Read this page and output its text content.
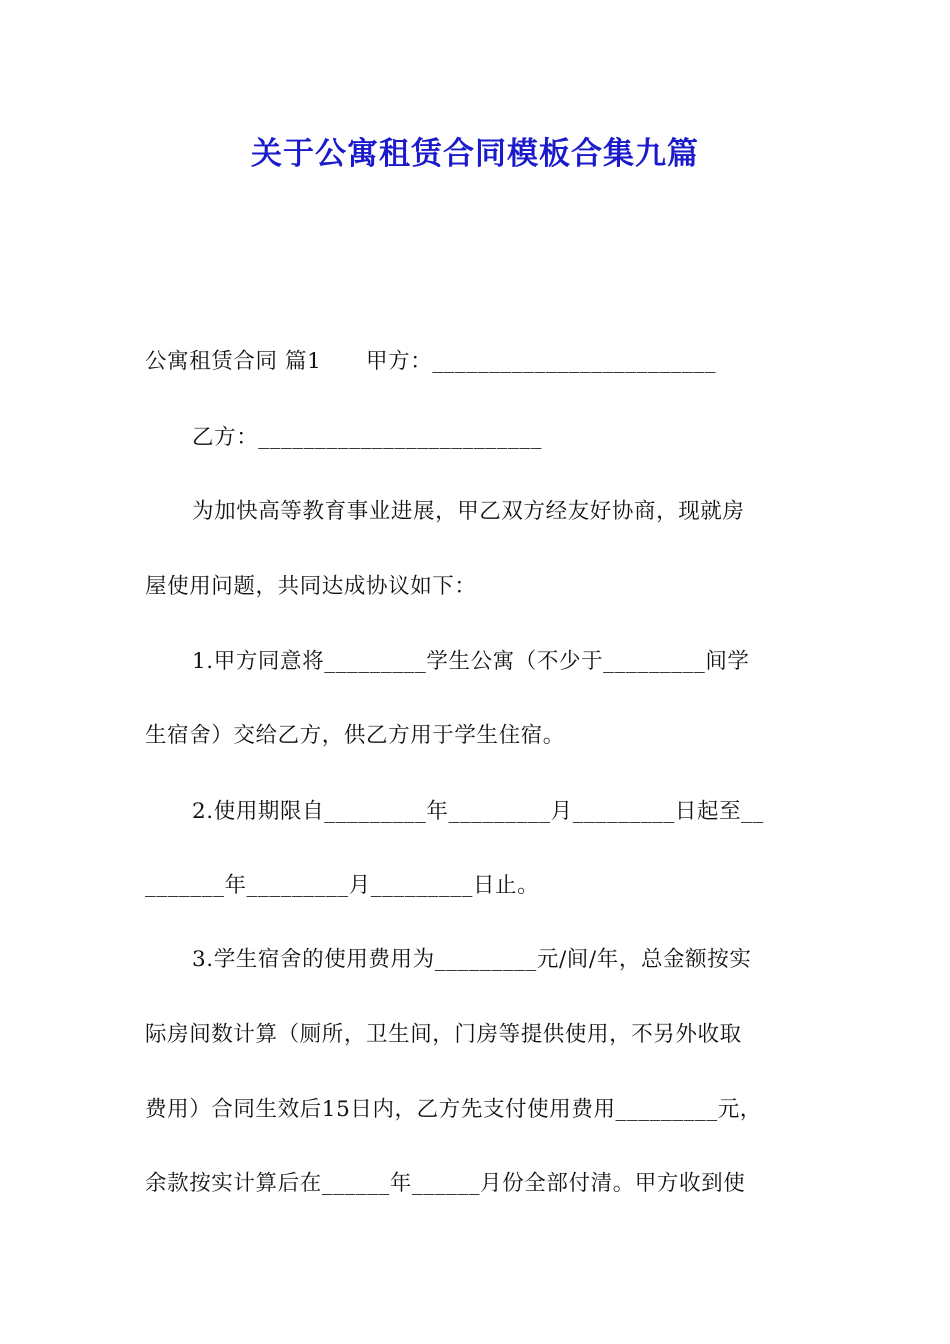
关于公寓租赁合同模板合集九篇
公寓租赁合同 篇1      甲方：_________________________
乙方：_________________________
为加快高等教育事业进展，甲乙双方经友好协商，现就房
屋使用问题，共同达成协议如下：
1.甲方同意将_________学生公寓（不少于_________间学
生宿舍）交给乙方，供乙方用于学生住宿。
2.使用期限自_________年_________月_________日起至__
_______年_________月_________日止。
3.学生宿舍的使用费用为_________元/间/年，总金额按实
际房间数计算（厕所，卫生间，门房等提供使用，不另外收取
费用）合同生效后15日内，乙方先支付使用费用_________元，
余款按实计算后在______年______月份全部付清。甲方收到使
